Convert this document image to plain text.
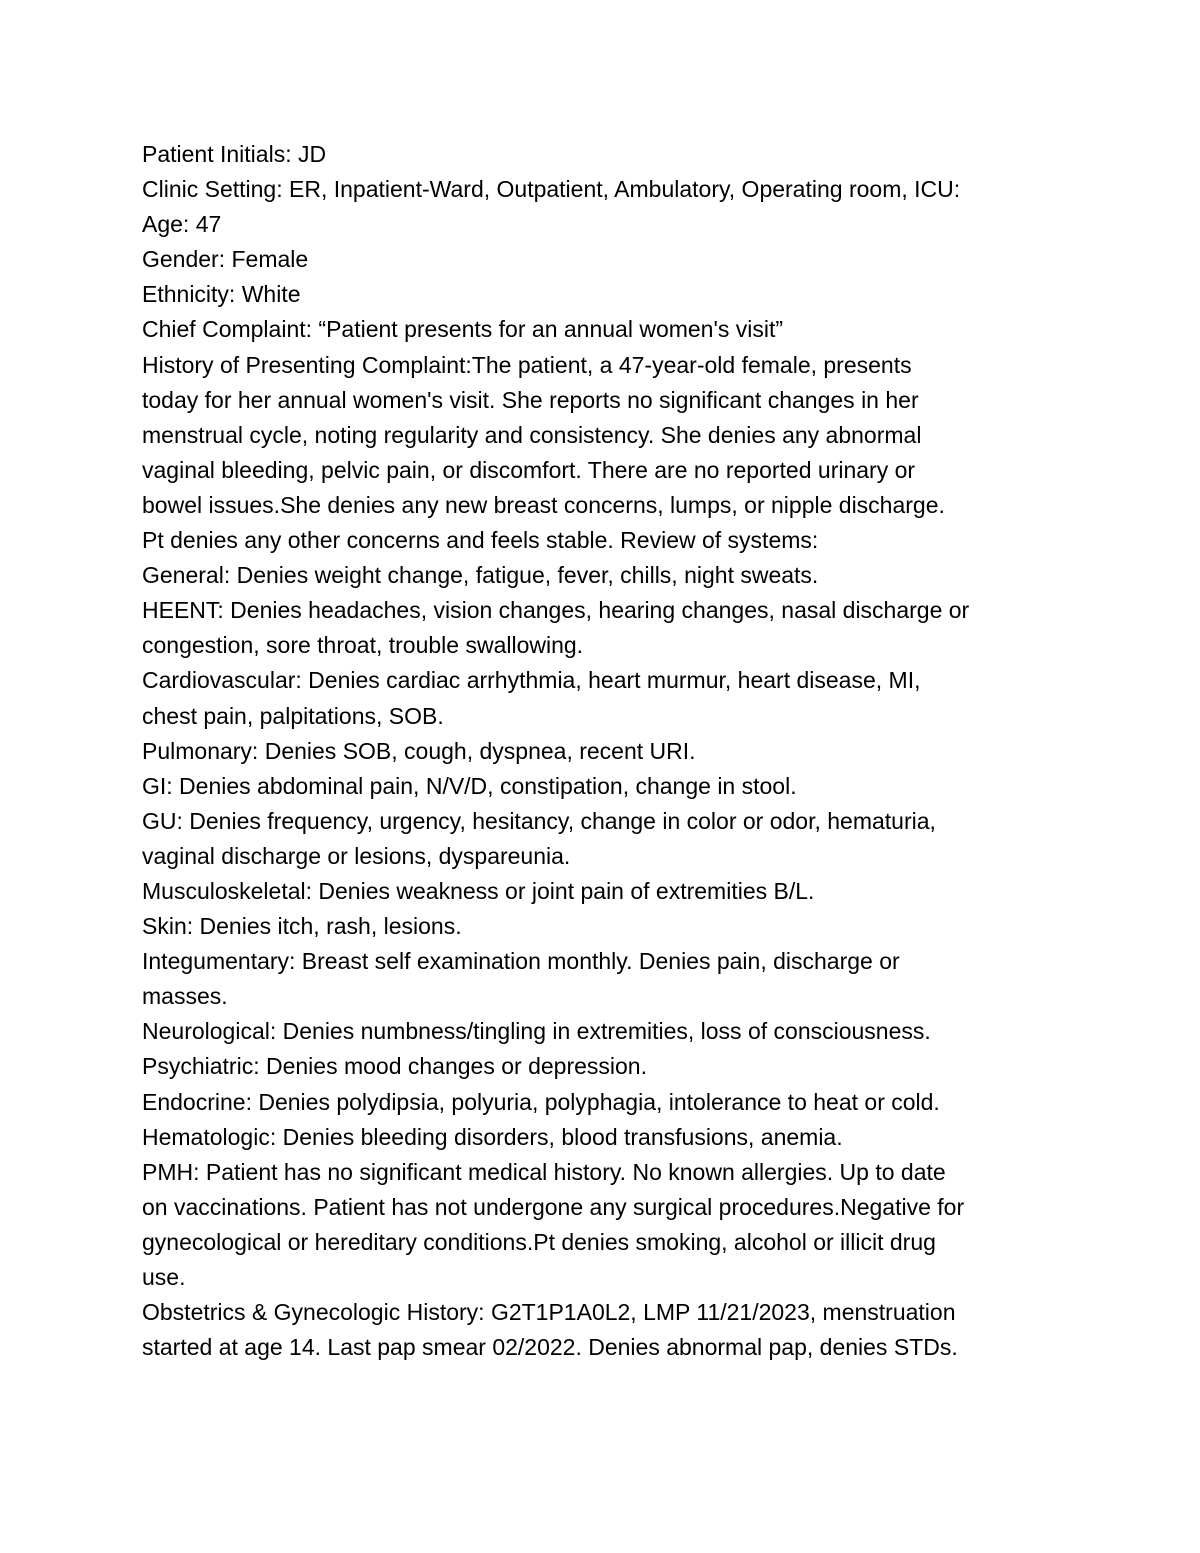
Patient Initials: JD
Clinic Setting: ER, Inpatient-Ward, Outpatient, Ambulatory, Operating room, ICU:
Age: 47
Gender: Female
Ethnicity: White
Chief Complaint: “Patient presents for an annual women's visit”
History of Presenting Complaint:The patient, a 47-year-old female, presents
today for her annual women's visit. She reports no significant changes in her
menstrual cycle, noting regularity and consistency. She denies any abnormal
vaginal bleeding, pelvic pain, or discomfort. There are no reported urinary or
bowel issues.She denies any new breast concerns, lumps, or nipple discharge.
Pt denies any other concerns and feels stable. Review of systems:
General: Denies weight change, fatigue, fever, chills, night sweats.
HEENT: Denies headaches, vision changes, hearing changes, nasal discharge or
congestion, sore throat, trouble swallowing.
Cardiovascular: Denies cardiac arrhythmia, heart murmur, heart disease, MI,
chest pain, palpitations, SOB.
Pulmonary: Denies SOB, cough, dyspnea, recent URI.
GI: Denies abdominal pain, N/V/D, constipation, change in stool.
GU: Denies frequency, urgency, hesitancy, change in color or odor, hematuria,
vaginal discharge or lesions, dyspareunia.
Musculoskeletal: Denies weakness or joint pain of extremities B/L.
Skin: Denies itch, rash, lesions.
Integumentary: Breast self examination monthly. Denies pain, discharge or
masses.
Neurological: Denies numbness/tingling in extremities, loss of consciousness.
Psychiatric: Denies mood changes or depression.
Endocrine: Denies polydipsia, polyuria, polyphagia, intolerance to heat or cold.
Hematologic: Denies bleeding disorders, blood transfusions, anemia.
PMH: Patient has no significant medical history. No known allergies. Up to date
on vaccinations. Patient has not undergone any surgical procedures.Negative for
gynecological or hereditary conditions.Pt denies smoking, alcohol or illicit drug
use.
Obstetrics & Gynecologic History: G2T1P1A0L2, LMP 11/21/2023, menstruation
started at age 14. Last pap smear 02/2022. Denies abnormal pap, denies STDs.
